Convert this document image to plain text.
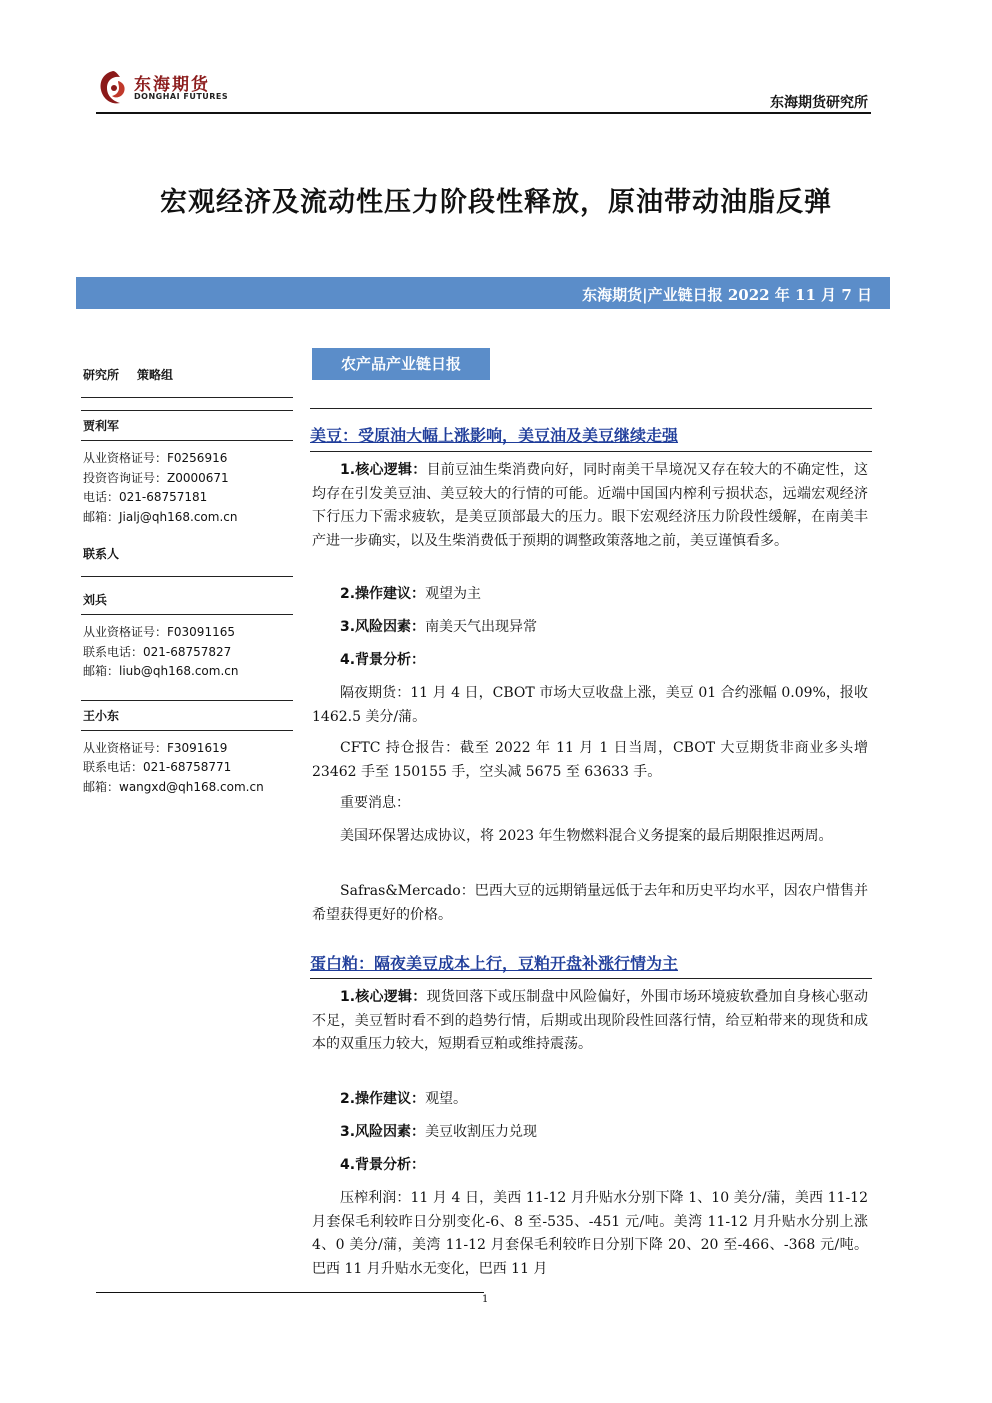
东海期货
DONGHAI FUTURES	东海期货研究所
宏观经济及流动性压力阶段性释放，原油带动油脂反弹
东海期货|产业链日报 2022 年 11 月 7 日
研究所 策略组
贾利军
从业资格证号：F0256916
投资咨询证号：Z0000671
电话：021-68757181
邮箱：Jialj@qh168.com.cn
联系人
刘兵
从业资格证号：F03091165
联系电话：021-68757827
邮箱：liub@qh168.com.cn
王小东
从业资格证号：F3091619
联系电话：021-68758771
邮箱：wangxd@qh168.com.cn
农产品产业链日报
美豆：受原油大幅上涨影响，美豆油及美豆继续走强
1.核心逻辑：目前豆油生柴消费向好，同时南美干旱境况又存在较大的不确定性，这均存在引发美豆油、美豆较大的行情的可能。近端中国国内榨利亏损状态，远端宏观经济下行压力下需求疲软，是美豆顶部最大的压力。眼下宏观经济压力阶段性缓解，在南美丰产进一步确实，以及生柴消费低于预期的调整政策落地之前，美豆谨慎看多。
2.操作建议：观望为主
3.风险因素：南美天气出现异常
4.背景分析：
隔夜期货：11 月 4 日，CBOT 市场大豆收盘上涨，美豆 01 合约涨幅 0.09%，报收 1462.5 美分/蒲。
CFTC 持仓报告：截至 2022 年 11 月 1 日当周，CBOT 大豆期货非商业多头增 23462 手至 150155 手，空头减 5675 至 63633 手。
重要消息：
美国环保署达成协议，将 2023 年生物燃料混合义务提案的最后期限推迟两周。
Safras&Mercado：巴西大豆的远期销量远低于去年和历史平均水平，因农户惜售并希望获得更好的价格。
蛋白粕：隔夜美豆成本上行，豆粕开盘补涨行情为主
1.核心逻辑：现货回落下或压制盘中风险偏好，外围市场环境疲软叠加自身核心驱动不足，美豆暂时看不到的趋势行情，后期或出现阶段性回落行情，给豆粕带来的现货和成本的双重压力较大，短期看豆粕或维持震荡。
2.操作建议：观望。
3.风险因素：美豆收割压力兑现
4.背景分析：
压榨利润：11 月 4 日，美西 11-12 月升贴水分别下降 1、10 美分/蒲，美西 11-12 月套保毛利较昨日分别变化-6、8 至-535、-451 元/吨。美湾 11-12 月升贴水分别上涨 4、0 美分/蒲，美湾 11-12 月套保毛利较昨日分别下降 20、20 至-466、-368 元/吨。巴西 11 月升贴水无变化，巴西 11 月
1
